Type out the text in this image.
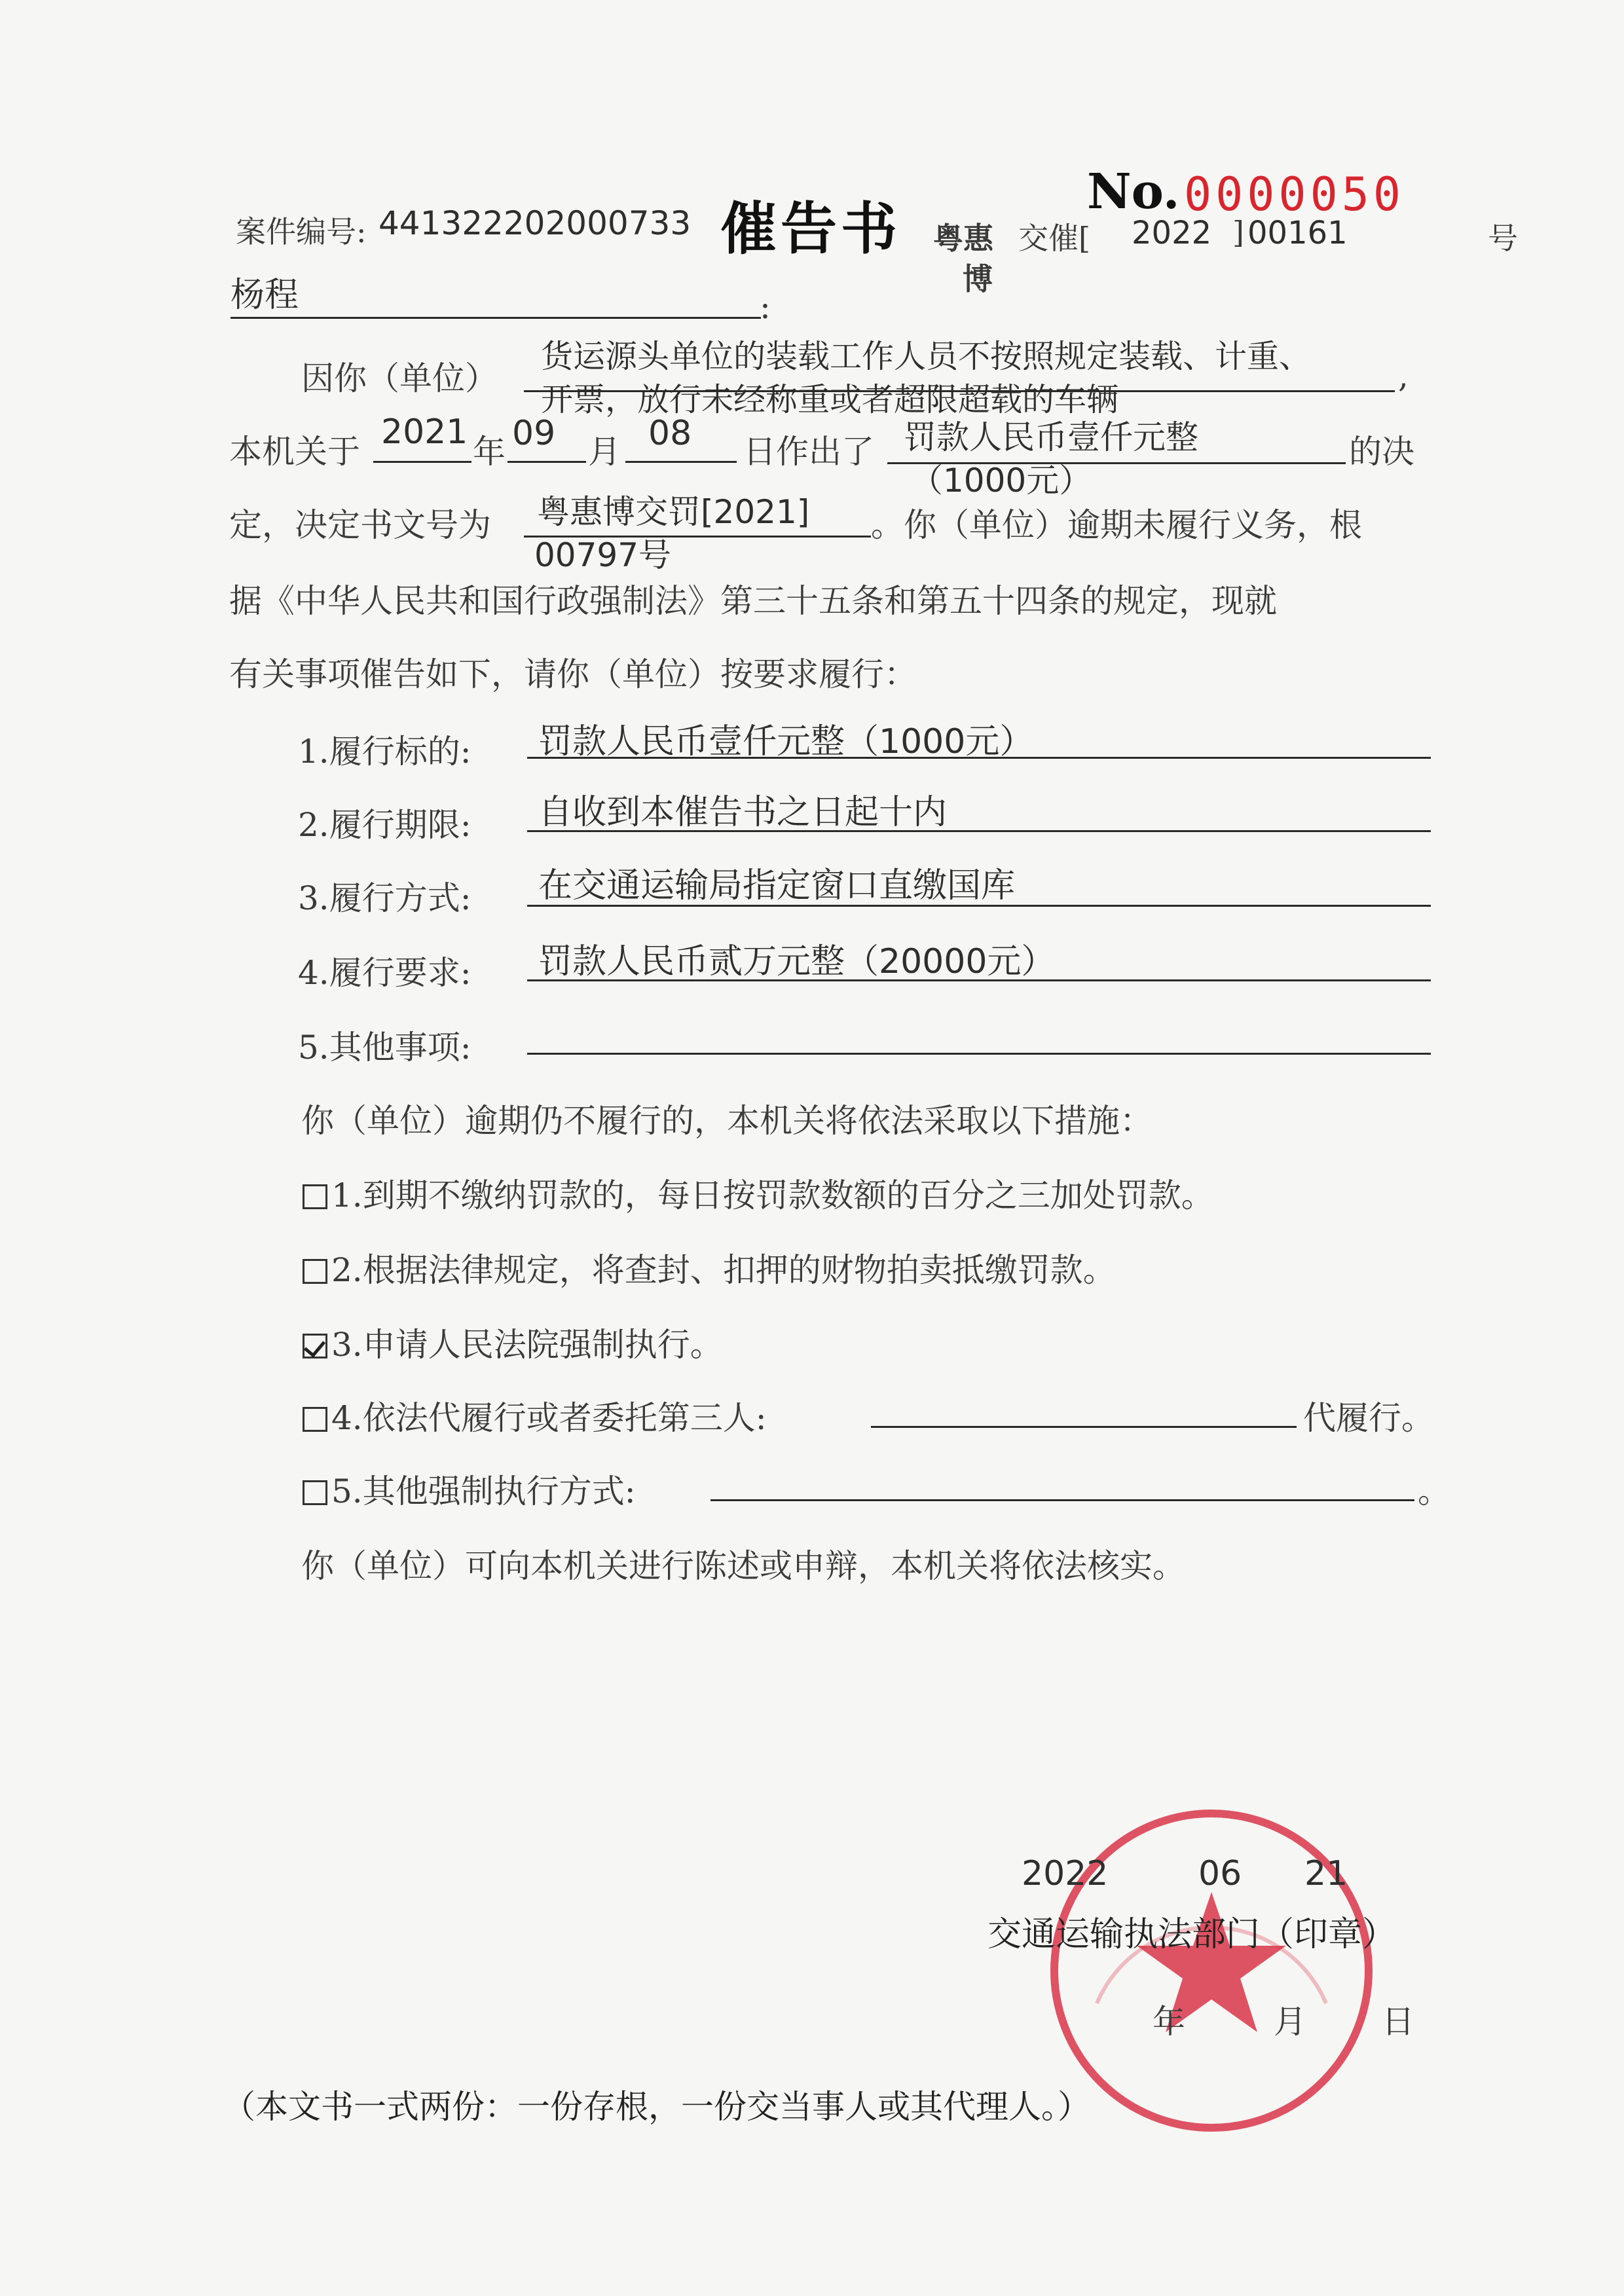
案件编号: 441322202000733 催告书
No. 0000050
粤惠
博
交催[ 2022 ] 00161	号
杨程	:
因你（单位）
货运源头单位的装载工作人员不按照规定装载、计重、
开票，放行未经称重或者超限超载的车辆
,
本机关于 2021 年 09 月 08 日作出了 罚款人民币壹仟元整
（1000元）
的决
定，决定书文号为 粤惠博交罚[2021]
00797号
。你（单位）逾期未履行义务，根
据《中华人民共和国行政强制法》第三十五条和第五十四条的规定，现就
有关事项催告如下，请你（单位）按要求履行：
1.履行标的: 罚款人民币壹仟元整（1000元）
2.履行期限: 自收到本催告书之日起十内
3.履行方式: 在交通运输局指定窗口直缴国库
4.履行要求: 罚款人民币贰万元整（20000元）
5.其他事项:
你（单位）逾期仍不履行的，本机关将依法采取以下措施：
1.到期不缴纳罚款的，每日按罚款数额的百分之三加处罚款。
2.根据法律规定，将查封、扣押的财物拍卖抵缴罚款。
3.申请人民法院强制执行。
4.依法代履行或者委托第三人:	代履行。
5.其他强制执行方式:	。
你（单位）可向本机关进行陈述或申辩，本机关将依法核实。
2022	06 21
交通运输执法部门（印章）
年	月 日
（本文书一式两份：一份存根，一份交当事人或其代理人。）
